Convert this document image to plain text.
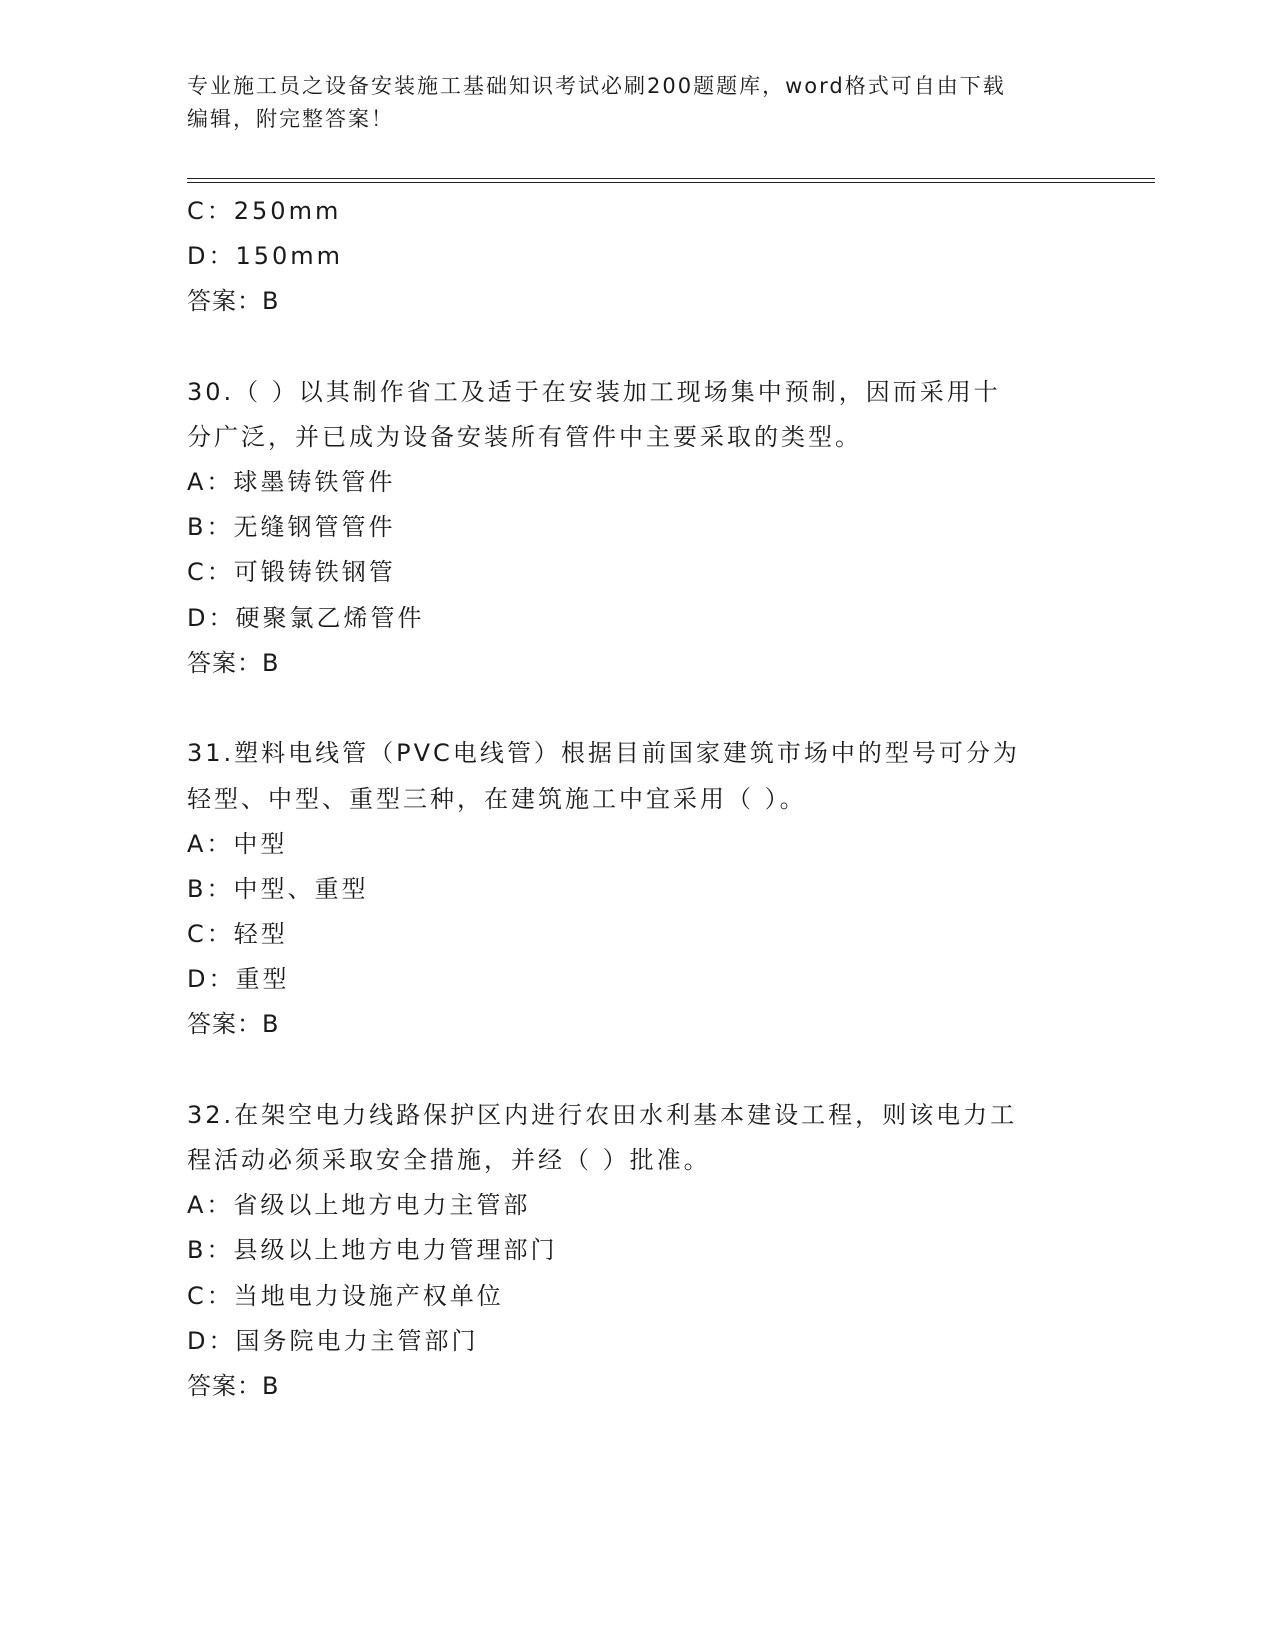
专业施工员之设备安装施工基础知识考试必刷200题题库，word格式可自由下载
编辑，附完整答案！
C：250mm
D：150mm
答案：B
30.（ ）以其制作省工及适于在安装加工现场集中预制，因而采用十
分广泛，并已成为设备安装所有管件中主要采取的类型。
A：球墨铸铁管件
B：无缝钢管管件
C：可锻铸铁钢管
D：硬聚氯乙烯管件
答案：B
31.塑料电线管（PVC电线管）根据目前国家建筑市场中的型号可分为
轻型、中型、重型三种，在建筑施工中宜采用（ ）。
A：中型
B：中型、重型
C：轻型
D：重型
答案：B
32.在架空电力线路保护区内进行农田水利基本建设工程，则该电力工
程活动必须采取安全措施，并经（ ）批准。
A：省级以上地方电力主管部
B：县级以上地方电力管理部门
C：当地电力设施产权单位
D：国务院电力主管部门
答案：B
